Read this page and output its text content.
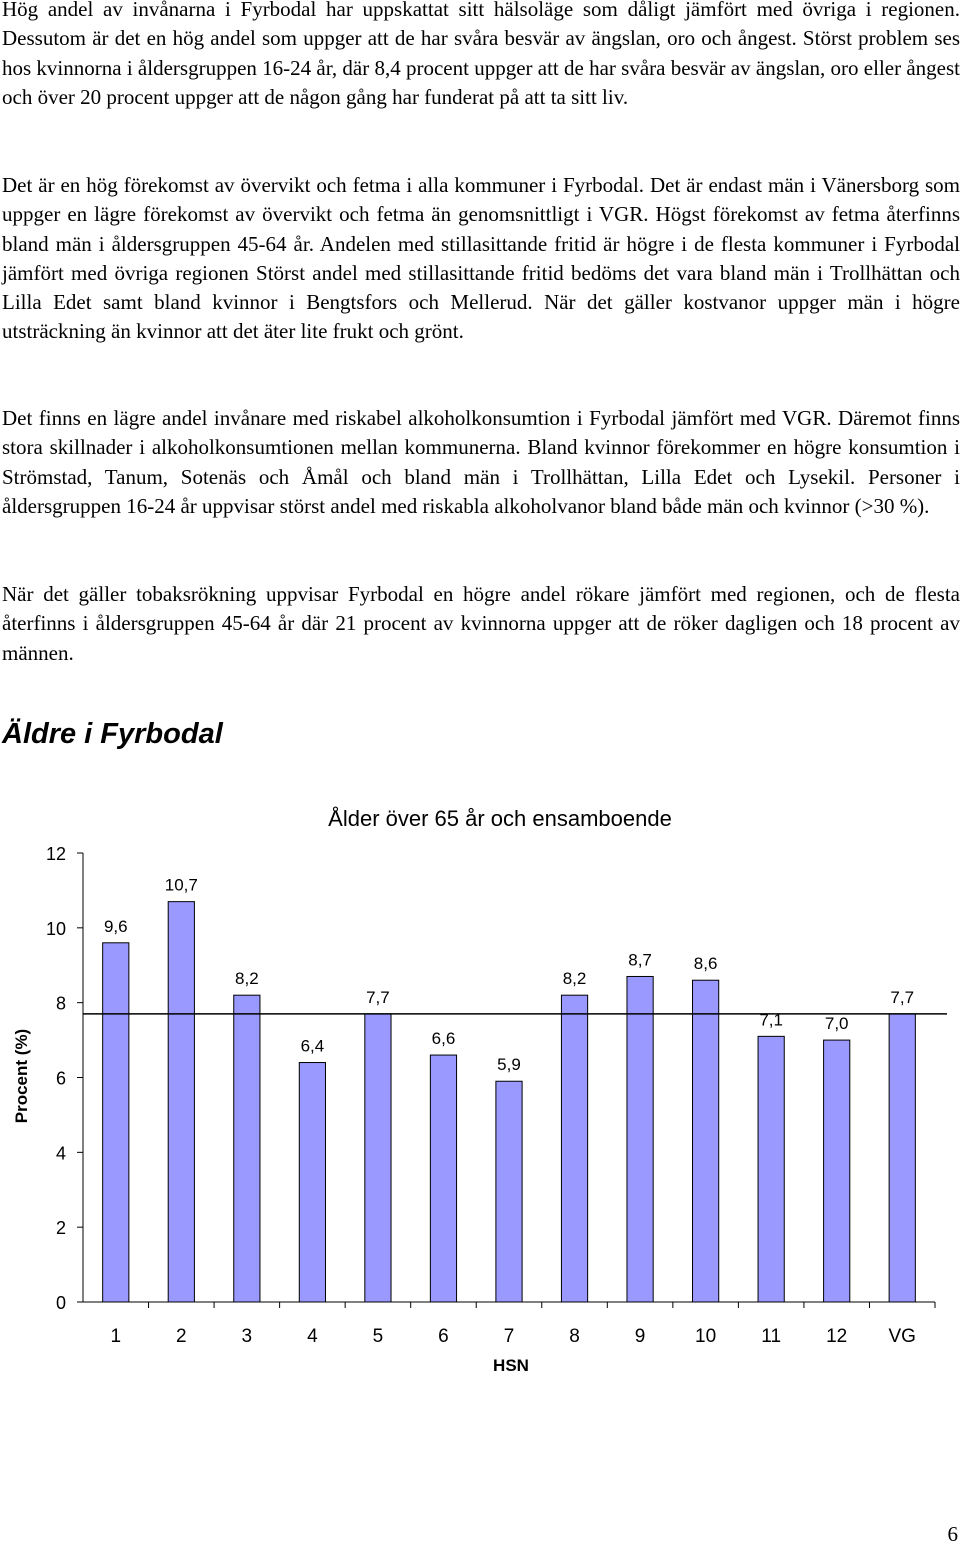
Hög andel av invånarna i Fyrbodal har uppskattat sitt hälsoläge som dåligt jämfört med övriga i regionen. Dessutom är det en hög andel som uppger att de har svåra besvär av ängslan, oro och ångest. Störst problem ses hos kvinnorna i åldersgruppen 16-24 år, där 8,4 procent uppger att de har svåra besvär av ängslan, oro eller ångest och över 20 procent uppger att de någon gång har funderat på att ta sitt liv.

Det är en hög förekomst av övervikt och fetma i alla kommuner i Fyrbodal. Det är endast män i Vänersborg som uppger en lägre förekomst av övervikt och fetma än genomsnittligt i VGR. Högst förekomst av fetma återfinns bland män i åldersgruppen 45-64 år. Andelen med stillasittande fritid är högre i de flesta kommuner i Fyrbodal jämfört med övriga regionen Störst andel med stillasittande fritid bedöms det vara bland män i Trollhättan och Lilla Edet samt bland kvinnor i Bengtsfors och Mellerud. När det gäller kostvanor uppger män i högre utsträckning än kvinnor att det äter lite frukt och grönt.

Det finns en lägre andel invånare med riskabel alkoholkonsumtion i Fyrbodal jämfört med VGR. Däremot finns stora skillnader i alkoholkonsumtionen mellan kommunerna. Bland kvinnor förekommer en högre konsumtion i Strömstad, Tanum, Sotenäs och Åmål och bland män i Trollhättan, Lilla Edet och Lysekil. Personer i åldersgruppen 16-24 år uppvisar störst andel med riskabla alkoholvanor bland både män och kvinnor (>30 %).

När det gäller tobaksrökning uppvisar Fyrbodal en högre andel rökare jämfört med regionen, och de flesta återfinns i åldersgruppen 45-64 år där 21 procent av kvinnorna uppger att de röker dagligen och 18 procent av männen.

Äldre i Fyrbodal
Ålder över 65 år och ensamboende
Procent (%)
HSN
0
2
4
6
8
10
12
9,6
10,7
8,2
6,4
7,7
6,6
5,9
8,2
8,7 8,6
7,1 7,0
7,7
1	2	3	4	5	6	7	8	9	10 11 12 VG
6
